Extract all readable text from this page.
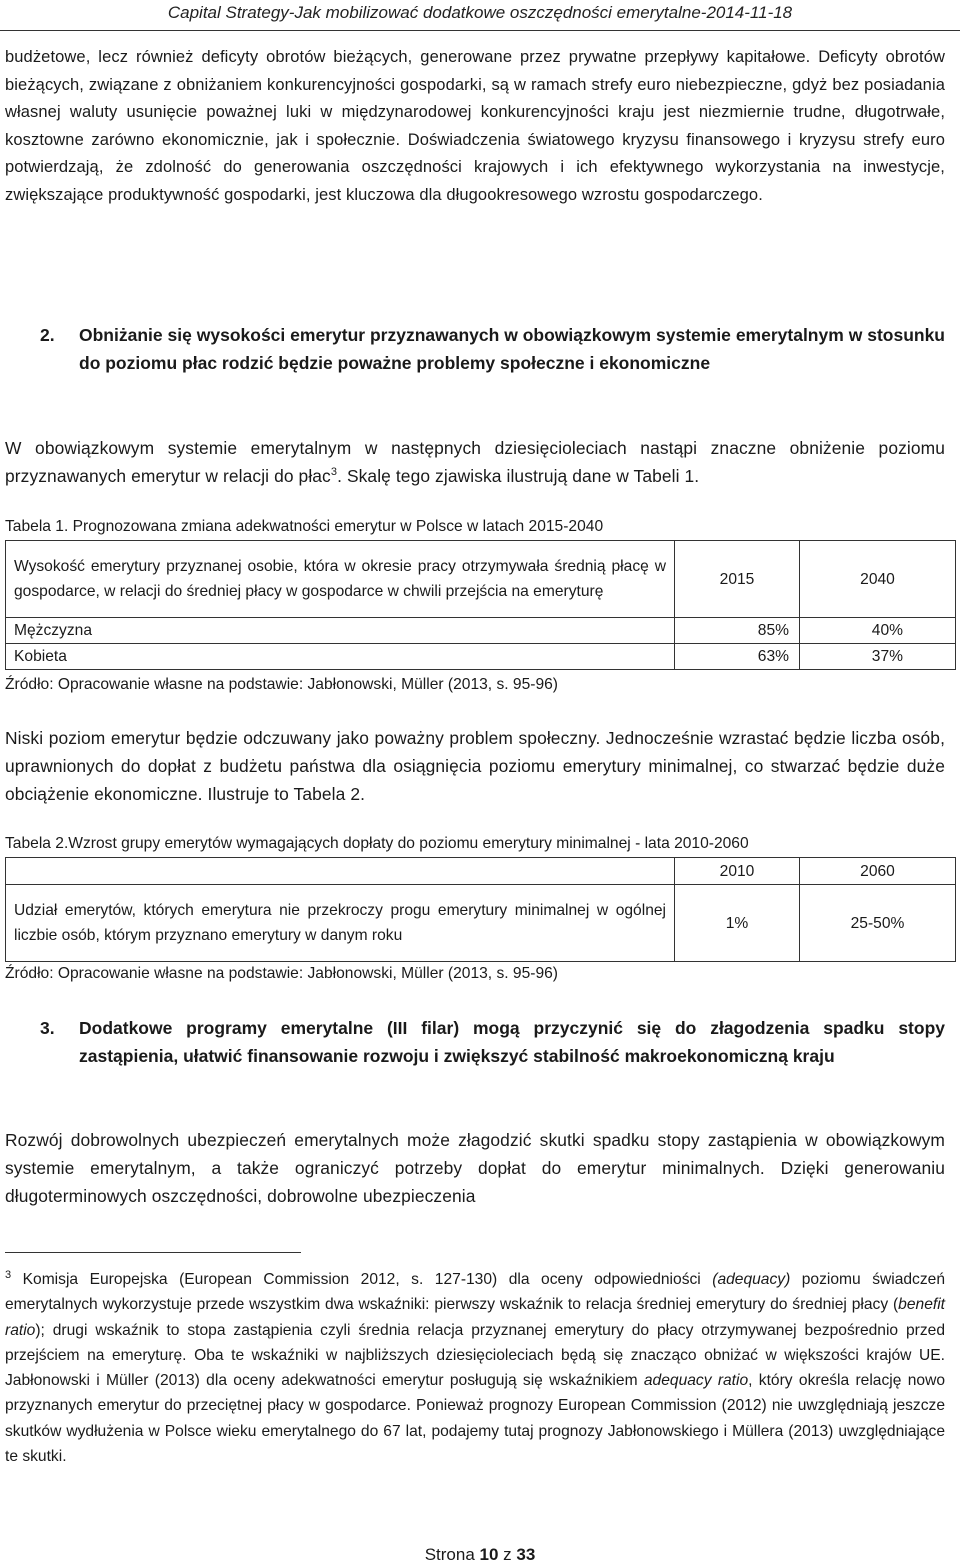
Capital Strategy-Jak mobilizować dodatkowe oszczędności emerytalne-2014-11-18
budżetowe, lecz również deficyty obrotów bieżących, generowane przez prywatne przepływy kapitałowe. Deficyty obrotów bieżących, związane z obniżaniem konkurencyjności gospodarki, są w ramach strefy euro niebezpieczne, gdyż bez posiadania własnej waluty usunięcie poważnej luki w międzynarodowej konkurencyjności kraju jest niezmiernie trudne, długotrwałe, kosztowne zarówno ekonomicznie, jak i społecznie. Doświadczenia światowego kryzysu finansowego i kryzysu strefy euro potwierdzają, że zdolność do generowania oszczędności krajowych i ich efektywnego wykorzystania na inwestycje, zwiększające produktywność gospodarki, jest kluczowa dla długookresowego wzrostu gospodarczego.
2.	Obniżanie się wysokości emerytur przyznawanych w obowiązkowym systemie emerytalnym w stosunku do poziomu płac rodzić będzie poważne problemy społeczne i ekonomiczne
W obowiązkowym systemie emerytalnym w następnych dziesięcioleciach nastąpi znaczne obniżenie poziomu przyznawanych emerytur w relacji do płac$^3$. Skalę tego zjawiska ilustrują dane w Tabeli 1.
Tabela 1. Prognozowana zmiana adekwatności emerytur w Polsce w latach 2015-2040
Wysokość emerytury przyznanej osobie, która w okresie pracy otrzymywała średnią płacę w gospodarce, w relacji do średniej płacy w gospodarce w chwili przejścia na emeryturę	2015	2040
Mężczyzna	85%	40%
Kobieta	63%	37%
Źródło: Opracowanie własne na podstawie: Jabłonowski, Müller (2013, s. 95-96)
Niski poziom emerytur będzie odczuwany jako poważny problem społeczny. Jednocześnie wzrastać będzie liczba osób, uprawnionych do dopłat z budżetu państwa dla osiągnięcia poziomu emerytury minimalnej, co stwarzać będzie duże obciążenie ekonomiczne. Ilustruje to Tabela 2.
Tabela 2.Wzrost grupy emerytów wymagających dopłaty do poziomu emerytury minimalnej - lata 2010-2060
	2010	2060
Udział emerytów, których emerytura nie przekroczy progu emerytury minimalnej w ogólnej liczbie osób, którym przyznano emerytury w danym roku	1%	25-50%
Źródło: Opracowanie własne na podstawie: Jabłonowski, Müller (2013, s. 95-96)
3.	Dodatkowe programy emerytalne (III filar) mogą przyczynić się do złagodzenia spadku stopy zastąpienia, ułatwić finansowanie rozwoju i zwiększyć stabilność makroekonomiczną kraju
Rozwój dobrowolnych ubezpieczeń emerytalnych może złagodzić skutki spadku stopy zastąpienia w obowiązkowym systemie emerytalnym, a także ograniczyć potrzeby dopłat do emerytur minimalnych. Dzięki generowaniu długoterminowych oszczędności, dobrowolne ubezpieczenia
$^3$ Komisja Europejska (European Commission 2012, s. 127-130) dla oceny odpowiedniości (adequacy) poziomu świadczeń emerytalnych wykorzystuje przede wszystkim dwa wskaźniki: pierwszy wskaźnik to relacja średniej emerytury do średniej płacy (benefit ratio); drugi wskaźnik to stopa zastąpienia czyli średnia relacja przyznanej emerytury do płacy otrzymywanej bezpośrednio przed przejściem na emeryturę. Oba te wskaźniki w najbliższych dziesięcioleciach będą się znacząco obniżać w większości krajów UE. Jabłonowski i Müller (2013) dla oceny adekwatności emerytur posługują się wskaźnikiem adequacy ratio, który określa relację nowo przyznanych emerytur do przeciętnej płacy w gospodarce. Ponieważ prognozy European Commission (2012) nie uwzględniają jeszcze skutków wydłużenia w Polsce wieku emerytalnego do 67 lat, podajemy tutaj prognozy Jabłonowskiego i Müllera (2013) uwzględniające te skutki.
Strona 10 z 33
